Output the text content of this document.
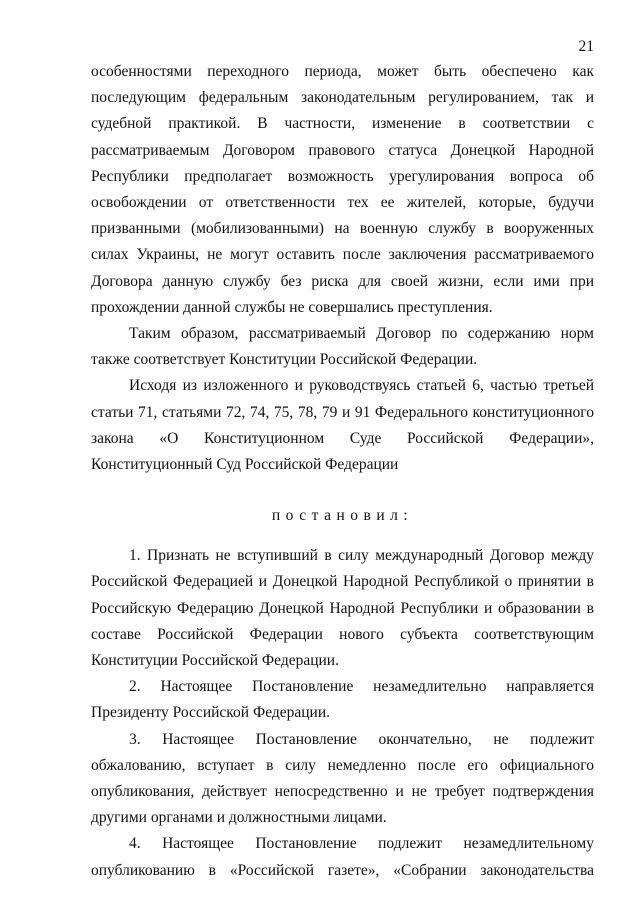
21

особенностями переходного периода, может быть обеспечено как последующим федеральным законодательным регулированием, так и судебной практикой. В частности, изменение в соответствии с рассматриваемым Договором правового статуса Донецкой Народной Республики предполагает возможность урегулирования вопроса об освобождении от ответственности тех ее жителей, которые, будучи призванными (мобилизованными) на военную службу в вооруженных силах Украины, не могут оставить после заключения рассматриваемого Договора данную службу без риска для своей жизни, если ими при прохождении данной службы не совершались преступления.

Таким образом, рассматриваемый Договор по содержанию норм также соответствует Конституции Российской Федерации.

Исходя из изложенного и руководствуясь статьей 6, частью третьей статьи 71, статьями 72, 74, 75, 78, 79 и 91 Федерального конституционного закона «О Конституционном Суде Российской Федерации», Конституционный Суд Российской Федерации

постановил:

1. Признать не вступивший в силу международный Договор между Российской Федерацией и Донецкой Народной Республикой о принятии в Российскую Федерацию Донецкой Народной Республики и образовании в составе Российской Федерации нового субъекта соответствующим Конституции Российской Федерации.

2. Настоящее Постановление незамедлительно направляется Президенту Российской Федерации.

3. Настоящее Постановление окончательно, не подлежит обжалованию, вступает в силу немедленно после его официального опубликования, действует непосредственно и не требует подтверждения другими органами и должностными лицами.

4. Настоящее Постановление подлежит незамедлительному опубликованию в «Российской газете», «Собрании законодательства
